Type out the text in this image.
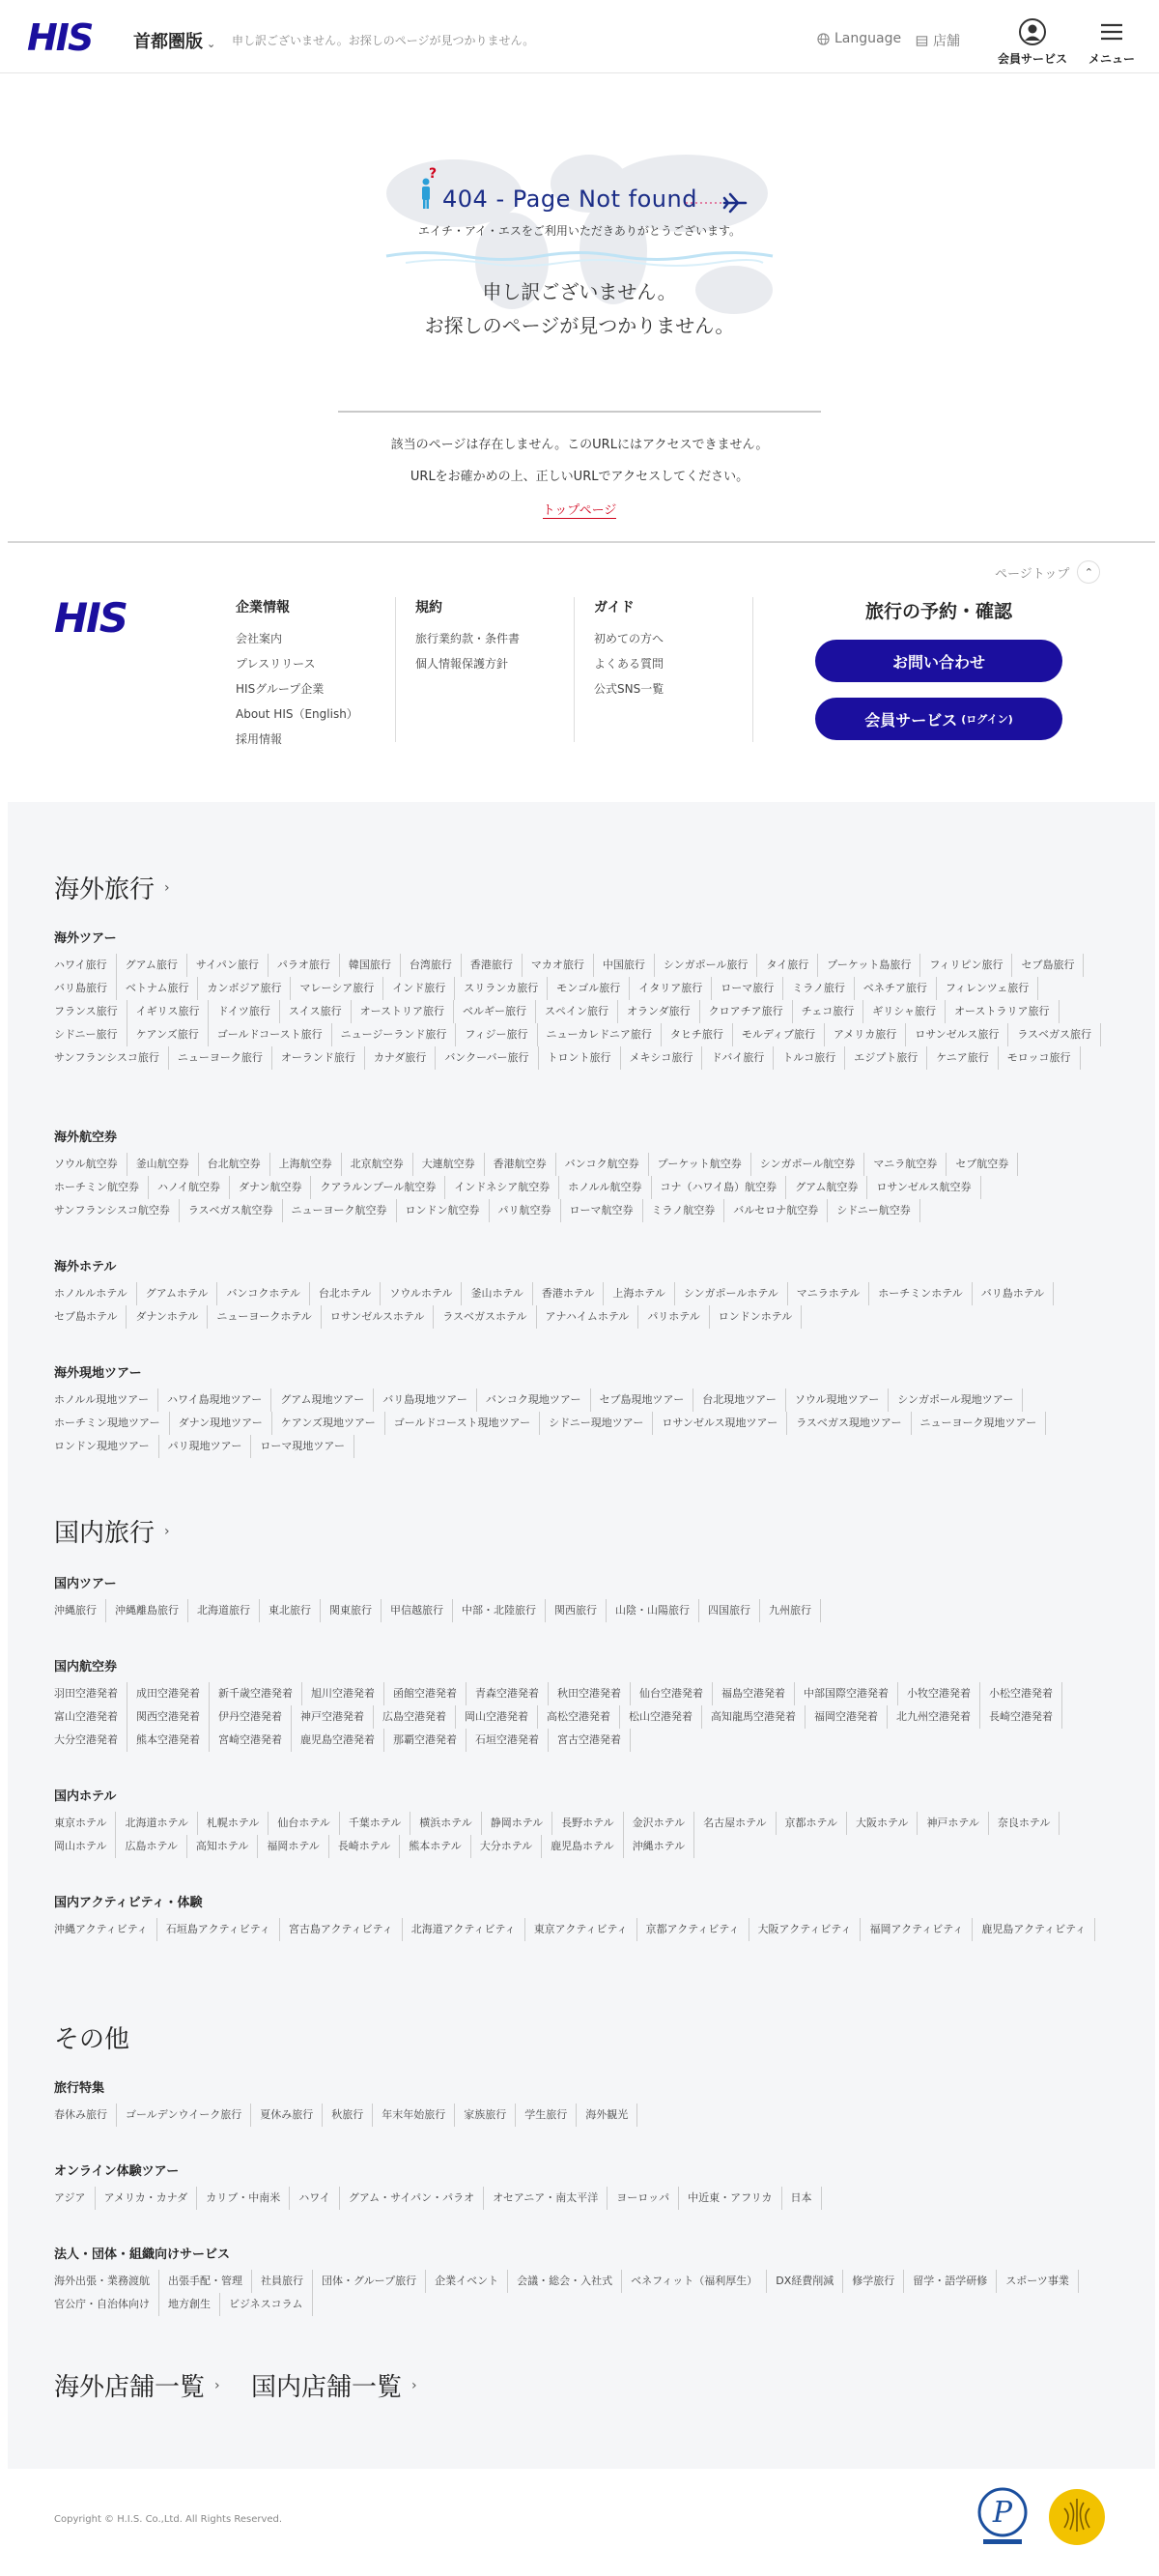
HIS 首都圏版 ⌄ 申し訳ございません。お探しのページが見つかりません。	Language 店舗
会員サービス	メニュー
?
404 - Page Not found
エイチ・アイ・エスをご利用いただきありがとうございます。
申し訳ございません。
お探しのページが見つかりません。
該当のページは存在しません。このURLにはアクセスできません。
URLをお確かめの上、正しいURLでアクセスしてください。
トップページ
ページトップ	⌃
HIS	企業情報
会社案内
プレスリリース
HISグループ企業
About HIS（English）
採用情報
規約
旅行業約款・条件書
個人情報保護方針
ガイド
初めての方へ
よくある質問
公式SNS一覧
旅行の予約・確認
お問い合わせ
会員サービス (ログイン)
海外旅行 ›
海外ツアー
ハワイ旅行	グアム旅行	サイパン旅行	パラオ旅行	韓国旅行	台湾旅行	香港旅行	マカオ旅行	中国旅行	シンガポール旅行	タイ旅行	プーケット島旅行	フィリピン旅行	セブ島旅行
バリ島旅行	ベトナム旅行	カンボジア旅行	マレーシア旅行	インド旅行	スリランカ旅行	モンゴル旅行	イタリア旅行	ローマ旅行	ミラノ旅行	ベネチア旅行	フィレンツェ旅行
フランス旅行	イギリス旅行	ドイツ旅行	スイス旅行	オーストリア旅行	ベルギー旅行	スペイン旅行	オランダ旅行	クロアチア旅行	チェコ旅行	ギリシャ旅行	オーストラリア旅行
シドニー旅行	ケアンズ旅行	ゴールドコースト旅行	ニュージーランド旅行	フィジー旅行	ニューカレドニア旅行	タヒチ旅行	モルディブ旅行	アメリカ旅行	ロサンゼルス旅行	ラスベガス旅行
サンフランシスコ旅行	ニューヨーク旅行	オーランド旅行	カナダ旅行	バンクーバー旅行	トロント旅行	メキシコ旅行	ドバイ旅行	トルコ旅行	エジプト旅行	ケニア旅行	モロッコ旅行
海外航空券
ソウル航空券	釜山航空券	台北航空券	上海航空券	北京航空券	大連航空券	香港航空券	バンコク航空券	プーケット航空券	シンガポール航空券	マニラ航空券	セブ航空券
ホーチミン航空券	ハノイ航空券	ダナン航空券	クアラルンプール航空券	インドネシア航空券	ホノルル航空券	コナ（ハワイ島）航空券	グアム航空券	ロサンゼルス航空券
サンフランシスコ航空券	ラスベガス航空券	ニューヨーク航空券	ロンドン航空券	パリ航空券	ローマ航空券	ミラノ航空券	バルセロナ航空券	シドニー航空券
海外ホテル
ホノルルホテル	グアムホテル	バンコクホテル	台北ホテル	ソウルホテル	釜山ホテル	香港ホテル	上海ホテル	シンガポールホテル	マニラホテル	ホーチミンホテル	バリ島ホテル
セブ島ホテル	ダナンホテル	ニューヨークホテル	ロサンゼルスホテル	ラスベガスホテル	アナハイムホテル	パリホテル	ロンドンホテル
海外現地ツアー
ホノルル現地ツアー	ハワイ島現地ツアー	グアム現地ツアー	バリ島現地ツアー	バンコク現地ツアー	セブ島現地ツアー	台北現地ツアー	ソウル現地ツアー	シンガポール現地ツアー
ホーチミン現地ツアー	ダナン現地ツアー	ケアンズ現地ツアー	ゴールドコースト現地ツアー	シドニー現地ツアー	ロサンゼルス現地ツアー	ラスベガス現地ツアー	ニューヨーク現地ツアー
ロンドン現地ツアー	パリ現地ツアー	ローマ現地ツアー
国内旅行 ›
国内ツアー
沖縄旅行	沖縄離島旅行	北海道旅行	東北旅行	関東旅行	甲信越旅行	中部・北陸旅行	関西旅行	山陰・山陽旅行	四国旅行	九州旅行
国内航空券
羽田空港発着	成田空港発着	新千歳空港発着	旭川空港発着	函館空港発着	青森空港発着	秋田空港発着	仙台空港発着	福島空港発着	中部国際空港発着	小牧空港発着	小松空港発着
富山空港発着	関西空港発着	伊丹空港発着	神戸空港発着	広島空港発着	岡山空港発着	高松空港発着	松山空港発着	高知龍馬空港発着	福岡空港発着	北九州空港発着	長崎空港発着
大分空港発着	熊本空港発着	宮崎空港発着	鹿児島空港発着	那覇空港発着	石垣空港発着	宮古空港発着
国内ホテル
東京ホテル	北海道ホテル	札幌ホテル	仙台ホテル	千葉ホテル	横浜ホテル	静岡ホテル	長野ホテル	金沢ホテル	名古屋ホテル	京都ホテル	大阪ホテル	神戸ホテル	奈良ホテル
岡山ホテル	広島ホテル	高知ホテル	福岡ホテル	長崎ホテル	熊本ホテル	大分ホテル	鹿児島ホテル	沖縄ホテル
国内アクティビティ・体験
沖縄アクティビティ	石垣島アクティビティ	宮古島アクティビティ	北海道アクティビティ	東京アクティビティ	京都アクティビティ	大阪アクティビティ	福岡アクティビティ	鹿児島アクティビティ
その他
旅行特集
春休み旅行	ゴールデンウイーク旅行	夏休み旅行	秋旅行	年末年始旅行	家族旅行	学生旅行	海外観光
オンライン体験ツアー
アジア	アメリカ・カナダ	カリブ・中南米	ハワイ	グアム・サイパン・パラオ	オセアニア・南太平洋	ヨーロッパ	中近東・アフリカ	日本
法人・団体・組織向けサービス
海外出張・業務渡航	出張手配・管理	社員旅行	団体・グループ旅行	企業イベント	会議・総会・入社式	ベネフィット（福利厚生）	DX経費削減	修学旅行	留学・語学研修	スポーツ事業
官公庁・自治体向け	地方創生	ビジネスコラム
海外店舗一覧 › 国内店舗一覧 ›
Copyright © H.I.S. Co.,Ltd. All Rights Reserved.	P
